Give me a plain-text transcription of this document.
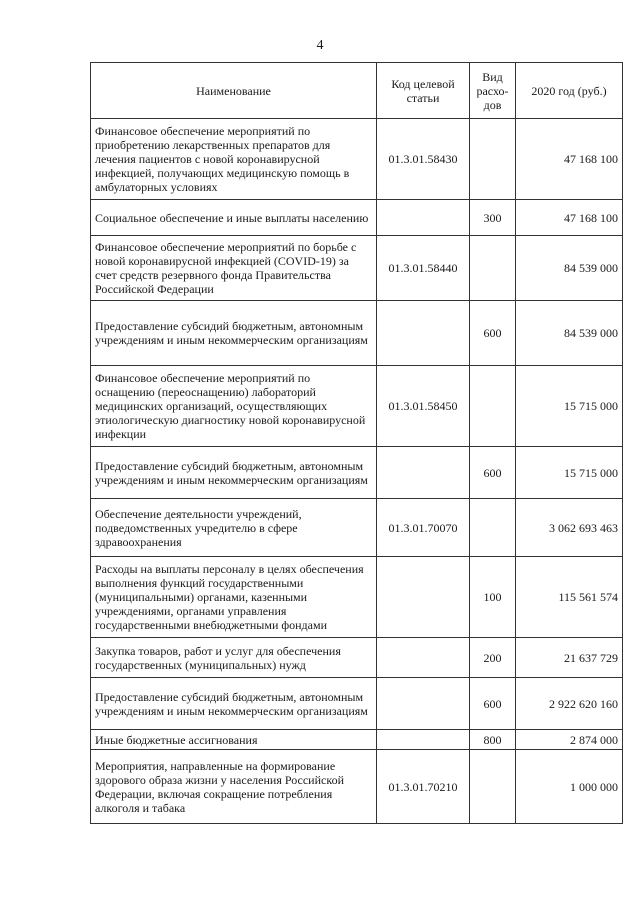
4
Наименование	Код целевой статьи	Вид расхо-дов	2020 год (руб.)
Финансовое обеспечение мероприятий по приобретению лекарственных препаратов для лечения пациентов с новой коронавирусной инфекцией, получающих медицинскую помощь в амбулаторных условиях	01.3.01.58430		47 168 100
Социальное обеспечение и иные выплаты населению		300	47 168 100
Финансовое обеспечение мероприятий по борьбе с новой коронавирусной инфекцией (COVID-19) за счет средств резервного фонда Правительства Российской Федерации	01.3.01.58440		84 539 000
Предоставление субсидий бюджетным, автономным учреждениям и иным некоммерческим организациям		600	84 539 000
Финансовое обеспечение мероприятий по оснащению (переоснащению) лабораторий медицинских организаций, осуществляющих этиологическую диагностику новой коронавирусной инфекции	01.3.01.58450		15 715 000
Предоставление субсидий бюджетным, автономным учреждениям и иным некоммерческим организациям		600	15 715 000
Обеспечение деятельности учреждений, подведомственных учредителю в сфере здравоохранения	01.3.01.70070		3 062 693 463
Расходы на выплаты персоналу в целях обеспечения выполнения функций государственными (муниципальными) органами, казенными учреждениями, органами управления государственными внебюджетными фондами		100	115 561 574
Закупка товаров, работ и услуг для обеспечения государственных (муниципальных) нужд		200	21 637 729
Предоставление субсидий бюджетным, автономным учреждениям и иным некоммерческим организациям		600	2 922 620 160
Иные бюджетные ассигнования		800	2 874 000
Мероприятия, направленные на формирование здорового образа жизни у населения Российской Федерации, включая сокращение потребления алкоголя и табака	01.3.01.70210		1 000 000
